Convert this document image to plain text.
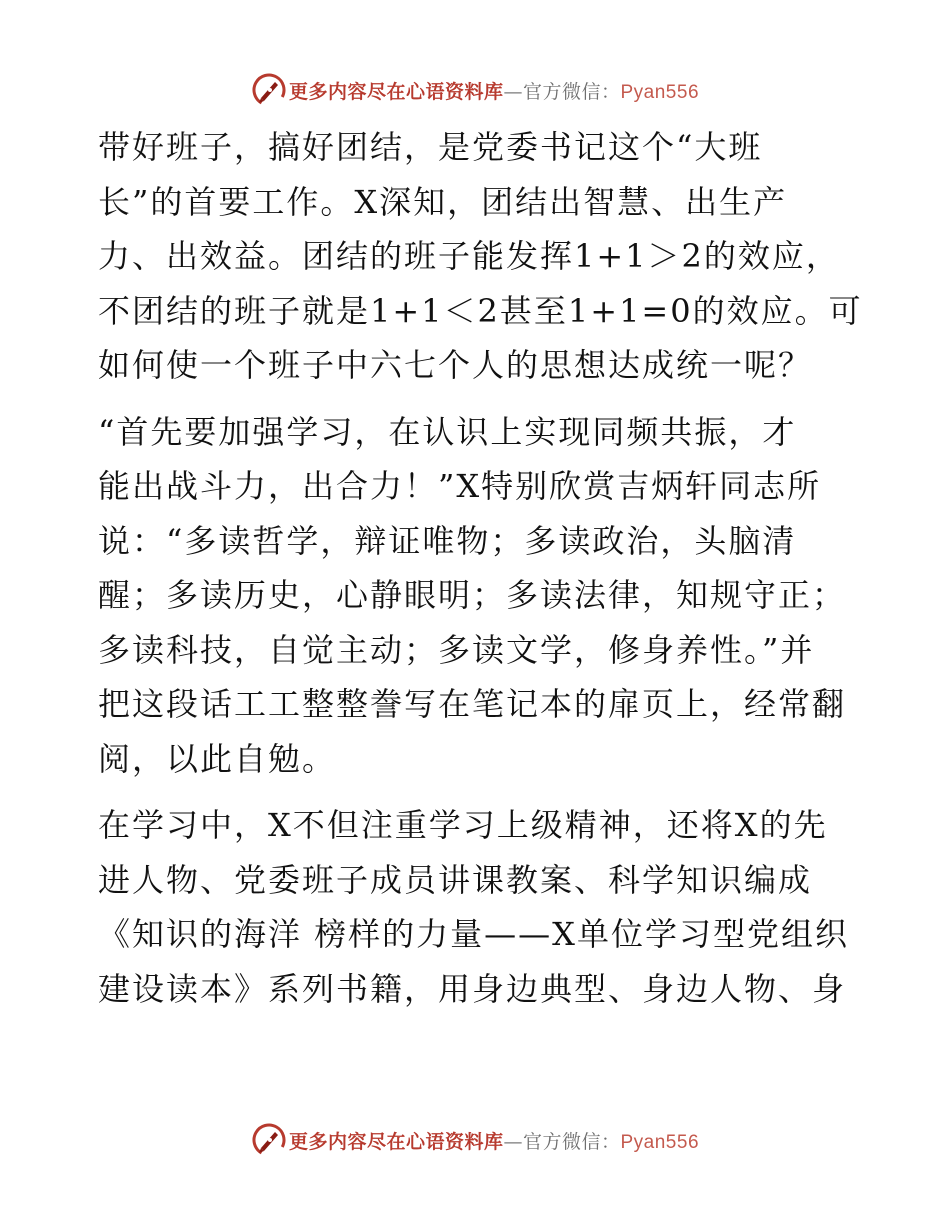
更多内容尽在心语资料库—官方微信：Pyan556

带好班子，搞好团结，是党委书记这个“大班
长”的首要工作。X深知，团结出智慧、出生产
力、出效益。团结的班子能发挥1+1＞2的效应，
不团结的班子就是1+1＜2甚至1+1=0的效应。可
如何使一个班子中六七个人的思想达成统一呢？

“首先要加强学习，在认识上实现同频共振，才
能出战斗力，出合力！”X特别欣赏吉炳轩同志所
说：“多读哲学，辩证唯物；多读政治，头脑清
醒；多读历史，心静眼明；多读法律，知规守正；
多读科技，自觉主动；多读文学，修身养性。”并
把这段话工工整整誊写在笔记本的扉页上，经常翻
阅，以此自勉。

在学习中，X不但注重学习上级精神，还将X的先
进人物、党委班子成员讲课教案、科学知识编成
《知识的海洋 榜样的力量——X单位学习型党组织
建设读本》系列书籍，用身边典型、身边人物、身

更多内容尽在心语资料库—官方微信：Pyan556
